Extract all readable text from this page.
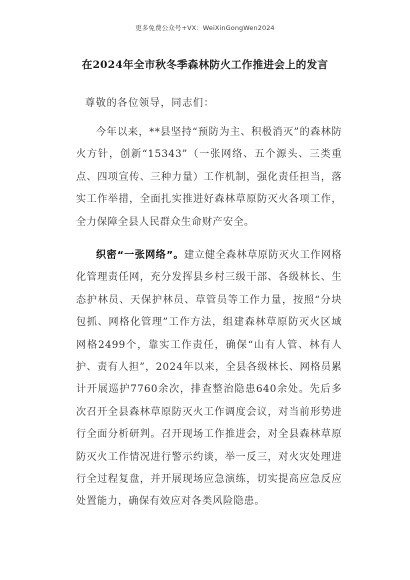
更多免费公众号+VX：WeiXinGongWen2024
在2024年全市秋冬季森林防火工作推进会上的发言
尊敬的各位领导，同志们：

今年以来，**县坚持“预防为主、积极消灭”的森林防火方针，创新“15343”（一张网络、五个源头、三类重点、四项宣传、三种力量）工作机制，强化责任担当，落实工作举措，全面扎实推进好森林草原防灭火各项工作，全力保障全县人民群众生命财产安全。

织密“一张网络”。建立健全森林草原防灭火工作网格化管理责任网，充分发挥县乡村三级干部、各级林长、生态护林员、天保护林员、草管员等工作力量，按照“分块包抓、网格化管理”工作方法，组建森林草原防灭火区域网格2499个，靠实工作责任，确保“山有人管、林有人护、责有人担”，2024年以来，全县各级林长、网格员累计开展巡护7760余次，排查整治隐患640余处。先后多次召开全县森林草原防灭火工作调度会议，对当前形势进行全面分析研判。召开现场工作推进会，对全县森林草原防灭火工作情况进行警示约谈，举一反三，对火灾处理进行全过程复盘，并开展现场应急演练，切实提高应急反应处置能力，确保有效应对各类风险隐患。
